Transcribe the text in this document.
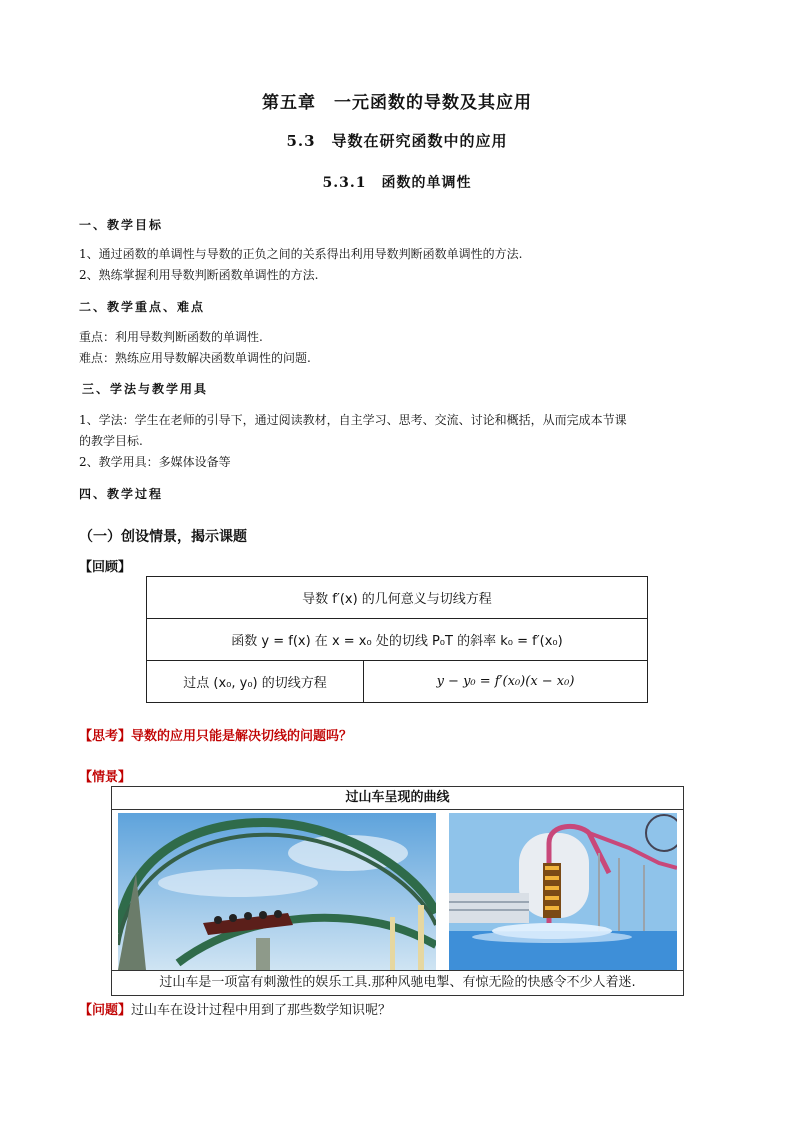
第五章　一元函数的导数及其应用
5.3　导数在研究函数中的应用
5.3.1　函数的单调性
一、教学目标
1、通过函数的单调性与导数的正负之间的关系得出利用导数判断函数单调性的方法.
2、熟练掌握利用导数判断函数单调性的方法.
二、教学重点、难点
重点：利用导数判断函数的单调性.
难点：熟练应用导数解决函数单调性的问题.
三、学法与教学用具
1、学法：学生在老师的引导下，通过阅读教材，自主学习、思考、交流、讨论和概括，从而完成本节课
的教学目标.
2、教学用具：多媒体设备等
四、教学过程
（一）创设情景，揭示课题
【回顾】
导数 f′(x) 的几何意义与切线方程
函数 y = f(x) 在 x = x₀ 处的切线 P₀T 的斜率 k₀ = f′(x₀)
过点 (x₀, y₀) 的切线方程	y − y₀ = f′(x₀)(x − x₀)
【思考】导数的应用只能是解决切线的问题吗？
【情景】
过山车呈现的曲线
过山车是一项富有刺激性的娱乐工具.那种风驰电掣、有惊无险的快感令不少人着迷.
【问题】过山车在设计过程中用到了那些数学知识呢？
